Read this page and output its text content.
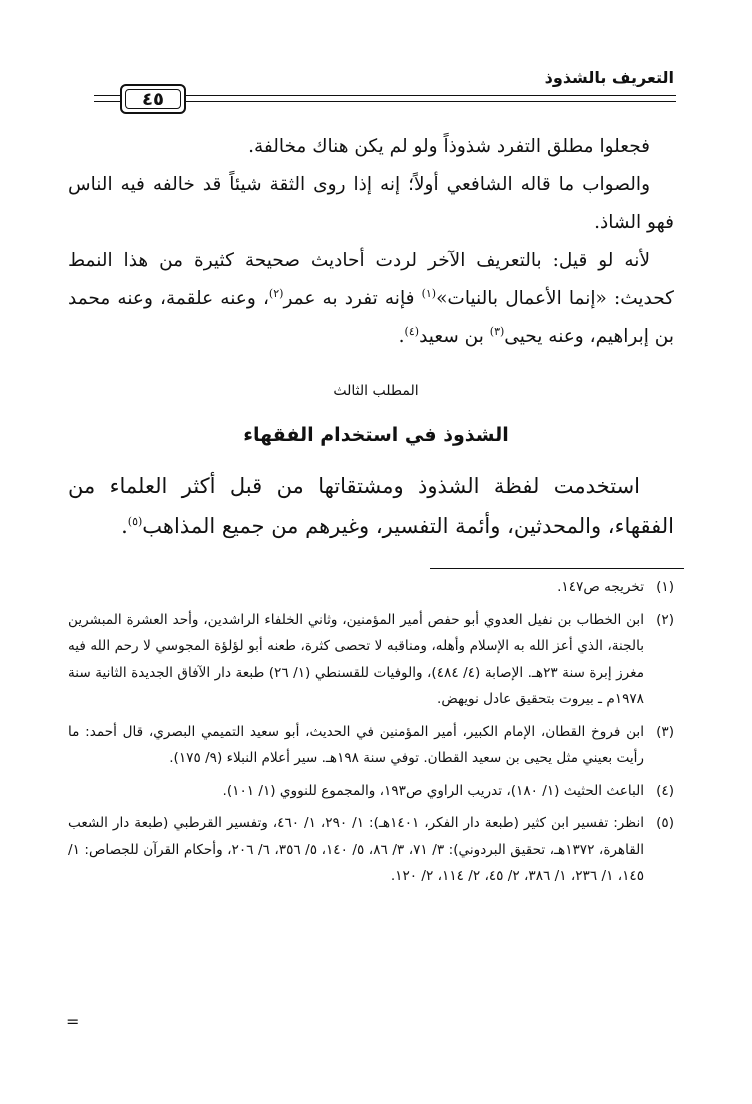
التعريف بالشذوذ
٤٥

فجعلوا مطلق التفرد شذوذاً ولو لم يكن هناك مخالفة.

والصواب ما قاله الشافعي أولاً؛ إنه إذا روى الثقة شيئاً قد خالفه فيه الناس فهو الشاذ.

لأنه لو قيل: بالتعريف الآخر لردت أحاديث صحيحة كثيرة من هذا النمط كحديث: «إنما الأعمال بالنيات»$^{(١)}$ فإنه تفرد به عمر$^{(٢)}$، وعنه علقمة، وعنه محمد بن إبراهيم، وعنه يحيى$^{(٣)}$ بن سعيد$^{(٤)}$.

المطلب الثالث
الشذوذ في استخدام الفقهاء

استخدمت لفظة الشذوذ ومشتقاتها من قبل أكثر العلماء من الفقهاء، والمحدثين، وأئمة التفسير، وغيرهم من جميع المذاهب$^{(٥)}$.

(١)
تخريجه ص١٤٧.
(٢)
ابن الخطاب بن نفيل العدوي أبو حفص أمير المؤمنين، وثاني الخلفاء الراشدين، وأحد العشرة المبشرين بالجنة، الذي أعز الله به الإسلام وأهله، ومناقبه لا تحصى كثرة، طعنه أبو لؤلؤة المجوسي لا رحم الله فيه مغرز إبرة سنة ٢٣هـ. الإصابة (٤/ ٤٨٤)، والوفيات للقسنطي (١/ ٢٦) طبعة دار الآفاق الجديدة الثانية سنة ١٩٧٨م ـ بيروت بتحقيق عادل نويهض.
(٣)
ابن فروخ القطان، الإمام الكبير، أمير المؤمنين في الحديث، أبو سعيد التميمي البصري، قال أحمد: ما رأيت بعيني مثل يحيى بن سعيد القطان. توفي سنة ١٩٨هـ. سير أعلام النبلاء (٩/ ١٧٥).
(٤)
الباعث الحثيث (١/ ١٨٠)، تدريب الراوي ص١٩٣، والمجموع للنووي (١/ ١٠١).
(٥)
انظر: تفسير ابن كثير (طبعة دار الفكر، ١٤٠١هـ): ١/ ٢٩٠، ١/ ٤٦٠، وتفسير القرطبي (طبعة دار الشعب القاهرة، ١٣٧٢هـ، تحقيق البردوني): ٣/ ٧١، ٣/ ٨٦، ٥/ ١٤٠، ٥/ ٣٥٦، ٦/ ٢٠٦، وأحكام القرآن للجصاص: ١/ ١٤٥، ١/ ٢٣٦، ١/ ٣٨٦، ٢/ ٤٥، ٢/ ١١٤، ٢/ ١٢٠.
=
